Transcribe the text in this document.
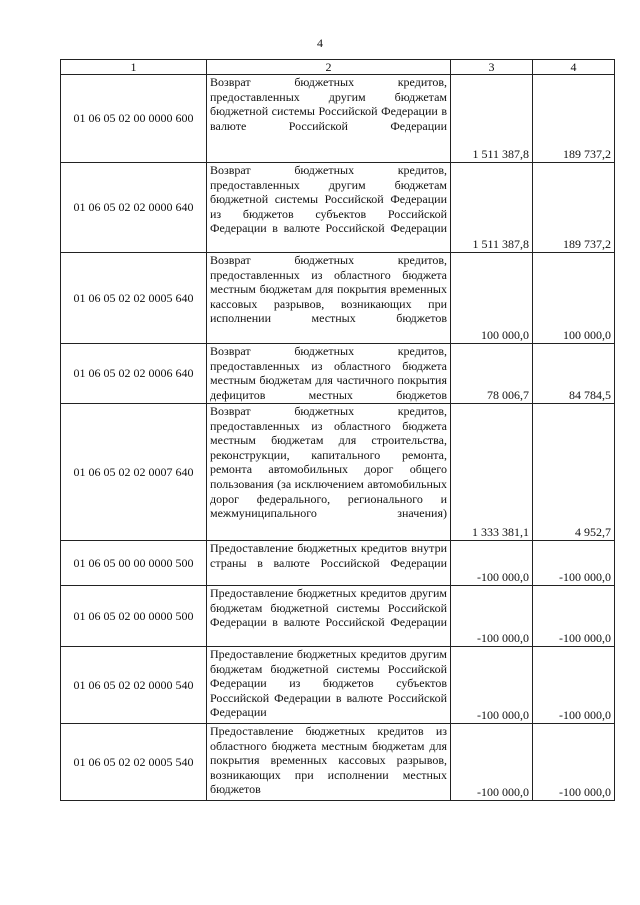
4
1	2	3	4
01 06 05 02 00 0000 600	Возврат бюджетных кредитов, предоставленных другим бюджетам бюджетной системы Российской Федерации в валюте Российской Федерации	1 511 387,8	189 737,2
01 06 05 02 02 0000 640	Возврат бюджетных кредитов, предоставленных другим бюджетам бюджетной системы Российской Федерации из бюджетов субъектов Российской Федерации в валюте Российской Федерации	1 511 387,8	189 737,2
01 06 05 02 02 0005 640	Возврат бюджетных кредитов, предоставленных из областного бюджета местным бюджетам для покрытия временных кассовых разрывов, возникающих при исполнении местных бюджетов	100 000,0	100 000,0
01 06 05 02 02 0006 640	Возврат бюджетных кредитов, предоставленных из областного бюджета местным бюджетам для частичного покрытия дефицитов местных бюджетов	78 006,7	84 784,5
01 06 05 02 02 0007 640	Возврат бюджетных кредитов, предоставленных из областного бюджета местным бюджетам для строительства, реконструкции, капитального ремонта, ремонта автомобильных дорог общего пользования (за исключением автомобильных дорог федерального, регионального и межмуниципального значения)	1 333 381,1	4 952,7
01 06 05 00 00 0000 500	Предоставление бюджетных кредитов внутри страны в валюте Российской Федерации	-100 000,0	-100 000,0
01 06 05 02 00 0000 500	Предоставление бюджетных кредитов другим бюджетам бюджетной системы Российской Федерации в валюте Российской Федерации	-100 000,0	-100 000,0
01 06 05 02 02 0000 540	Предоставление бюджетных кредитов другим бюджетам бюджетной системы Российской Федерации из бюджетов субъектов Российской Федерации в валюте Российской Федерации	-100 000,0	-100 000,0
01 06 05 02 02 0005 540	Предоставление бюджетных кредитов из областного бюджета местным бюджетам для покрытия временных кассовых разрывов, возникающих при исполнении местных бюджетов	-100 000,0	-100 000,0
